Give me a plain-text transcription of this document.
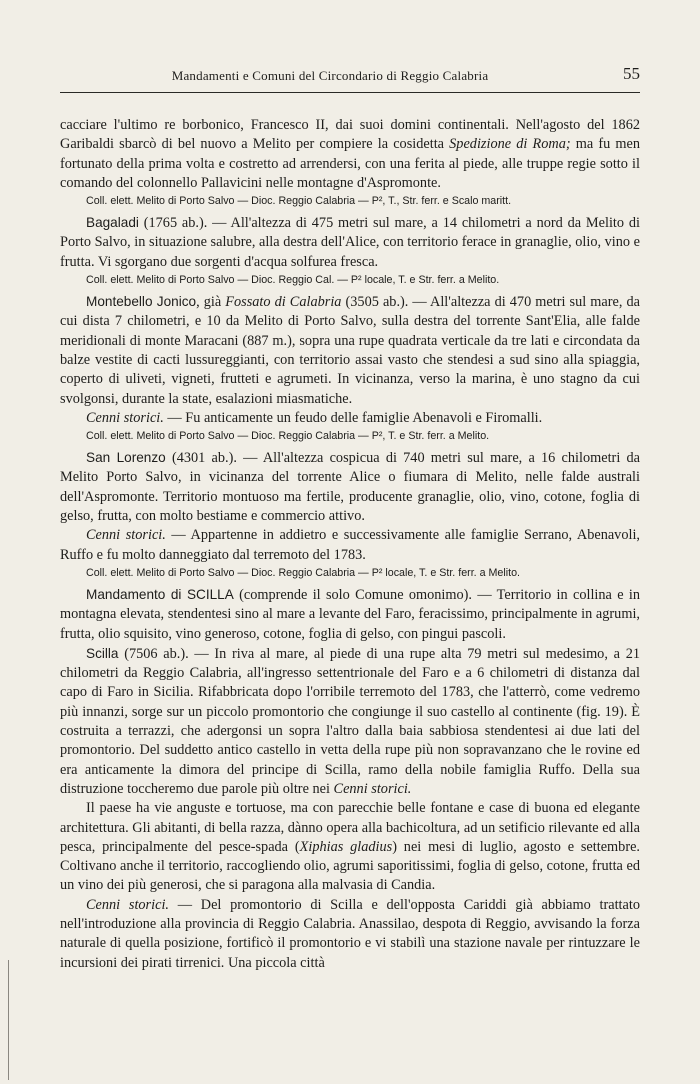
Mandamenti e Comuni del Circondario di Reggio Calabria	55

cacciare l'ultimo re borbonico, Francesco II, dai suoi domini continentali. Nell'agosto del 1862 Garibaldi sbarcò di bel nuovo a Melito per compiere la cosidetta Spedizione di Roma; ma fu men fortunato della prima volta e costretto ad arrendersi, con una ferita al piede, alle truppe regie sotto il comando del colonnello Pallavicini nelle montagne d'Aspromonte.

Coll. elett. Melito di Porto Salvo — Dioc. Reggio Calabria — P², T., Str. ferr. e Scalo maritt.

Bagaladi (1765 ab.). — All'altezza di 475 metri sul mare, a 14 chilometri a nord da Melito di Porto Salvo, in situazione salubre, alla destra dell'Alice, con territorio ferace in granaglie, olio, vino e frutta. Vi sgorgano due sorgenti d'acqua solfurea fresca.

Coll. elett. Melito di Porto Salvo — Dioc. Reggio Cal. — P² locale, T. e Str. ferr. a Melito.

Montebello Jonico, già Fossato di Calabria (3505 ab.). — All'altezza di 470 metri sul mare, da cui dista 7 chilometri, e 10 da Melito di Porto Salvo, sulla destra del torrente Sant'Elia, alle falde meridionali di monte Maracani (887 m.), sopra una rupe quadrata verticale da tre lati e circondata da balze vestite di cacti lussureggianti, con territorio assai vasto che stendesi a sud sino alla spiaggia, coperto di uliveti, vigneti, frutteti e agrumeti. In vicinanza, verso la marina, è uno stagno da cui svolgonsi, durante la state, esalazioni miasmatiche.

Cenni storici. — Fu anticamente un feudo delle famiglie Abenavoli e Firomalli.

Coll. elett. Melito di Porto Salvo — Dioc. Reggio Calabria — P², T. e Str. ferr. a Melito.

San Lorenzo (4301 ab.). — All'altezza cospicua di 740 metri sul mare, a 16 chilometri da Melito Porto Salvo, in vicinanza del torrente Alice o fiumara di Melito, nelle falde australi dell'Aspromonte. Territorio montuoso ma fertile, producente granaglie, olio, vino, cotone, foglia di gelso, frutta, con molto bestiame e commercio attivo.

Cenni storici. — Appartenne in addietro e successivamente alle famiglie Serrano, Abenavoli, Ruffo e fu molto danneggiato dal terremoto del 1783.

Coll. elett. Melito di Porto Salvo — Dioc. Reggio Calabria — P² locale, T. e Str. ferr. a Melito.

Mandamento di SCILLA (comprende il solo Comune omonimo). — Territorio in collina e in montagna elevata, stendentesi sino al mare a levante del Faro, feracissimo, principalmente in agrumi, frutta, olio squisito, vino generoso, cotone, foglia di gelso, con pingui pascoli.

Scilla (7506 ab.). — In riva al mare, al piede di una rupe alta 79 metri sul medesimo, a 21 chilometri da Reggio Calabria, all'ingresso settentrionale del Faro e a 6 chilometri di distanza dal capo di Faro in Sicilia. Rifabbricata dopo l'orribile terremoto del 1783, che l'atterrò, come vedremo più innanzi, sorge sur un piccolo promontorio che congiunge il suo castello al continente (fig. 19). È costruita a terrazzi, che adergonsi un sopra l'altro dalla baia sabbiosa stendentesi ai due lati del promontorio. Del suddetto antico castello in vetta della rupe più non sopravanzano che le rovine ed era anticamente la dimora del principe di Scilla, ramo della nobile famiglia Ruffo. Della sua distruzione toccheremo due parole più oltre nei Cenni storici.

Il paese ha vie anguste e tortuose, ma con parecchie belle fontane e case di buona ed elegante architettura. Gli abitanti, di bella razza, dànno opera alla bachicoltura, ad un setificio rilevante ed alla pesca, principalmente del pesce-spada (Xiphias gladius) nei mesi di luglio, agosto e settembre. Coltivano anche il territorio, raccogliendo olio, agrumi saporitissimi, foglia di gelso, cotone, frutta ed un vino dei più generosi, che si paragona alla malvasia di Candia.

Cenni storici. — Del promontorio di Scilla e dell'opposta Cariddi già abbiamo trattato nell'introduzione alla provincia di Reggio Calabria. Anassilao, despota di Reggio, avvisando la forza naturale di quella posizione, fortificò il promontorio e vi stabilì una stazione navale per rintuzzare le incursioni dei pirati tirrenici. Una piccola città
